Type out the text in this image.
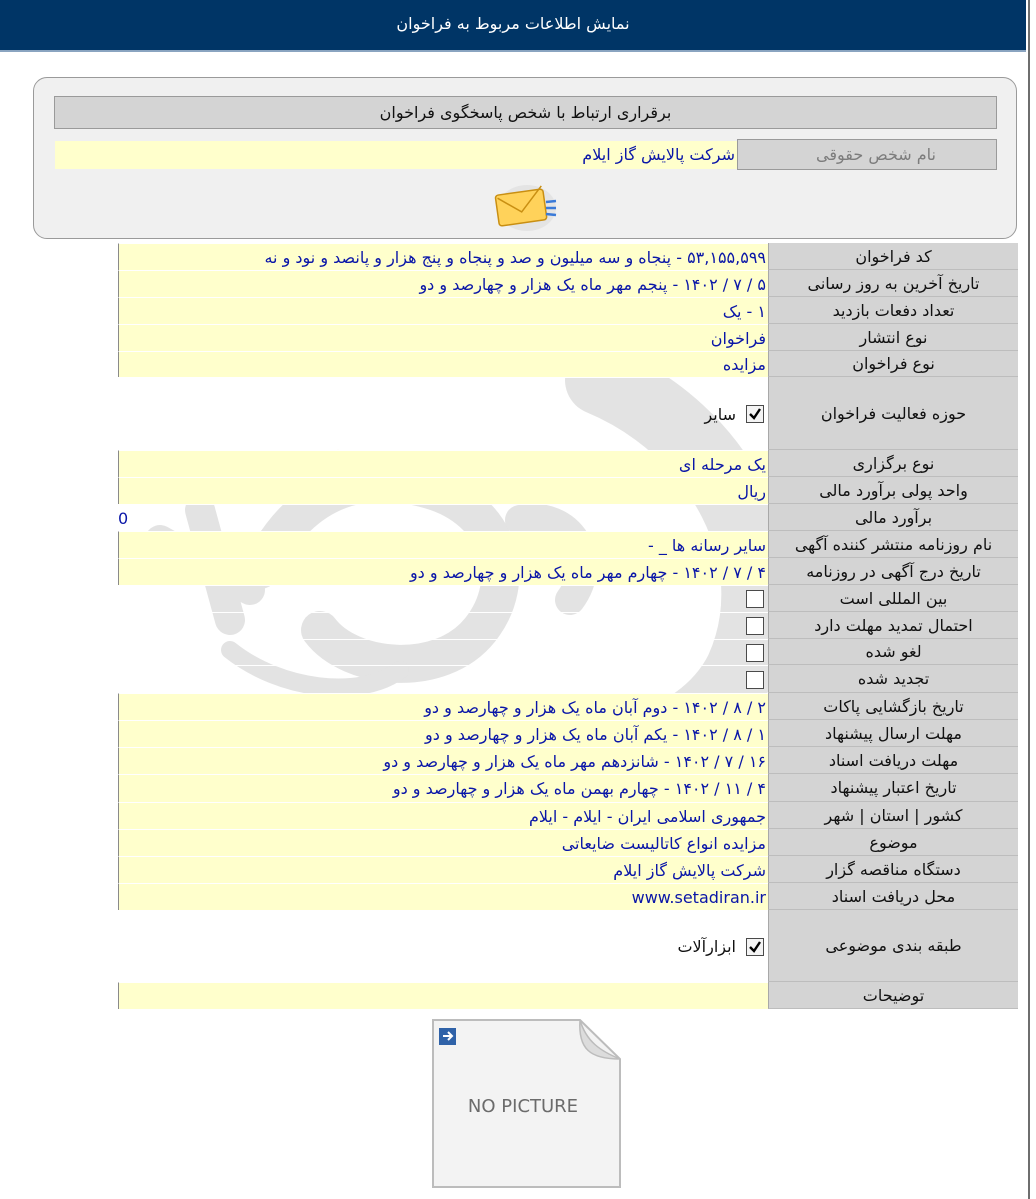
نمایش اطلاعات مربوط به فراخوان
برقراری ارتباط با شخص پاسخگوی فراخوان
نام شخص حقوقی
شرکت پالایش گاز ایلام
کد فراخوان
۵۳,۱۵۵,۵۹۹ - پنجاه و سه میلیون و صد و پنجاه و پنج هزار و پانصد و نود و نه
تاریخ آخرین به روز رسانی
۵ / ۷ / ۱۴۰۲ - پنجم مهر ماه یک هزار و چهارصد و دو
تعداد دفعات بازدید
۱ - یک
نوع انتشار
فراخوان
نوع فراخوان
مزایده
حوزه فعالیت فراخوان
سایر
نوع برگزاری
یک مرحله ای
واحد پولی برآورد مالی
ریال
برآورد مالی
0
نام روزنامه منتشر کننده آگهی
سایر رسانه ها _ -
تاریخ درج آگهی در روزنامه
۴ / ۷ / ۱۴۰۲ - چهارم مهر ماه یک هزار و چهارصد و دو
بین المللی است
احتمال تمدید مهلت دارد
لغو شده
تجدید شده
تاریخ بازگشایی پاکات
۲ / ۸ / ۱۴۰۲ - دوم آبان ماه یک هزار و چهارصد و دو
مهلت ارسال پیشنهاد
۱ / ۸ / ۱۴۰۲ - یکم آبان ماه یک هزار و چهارصد و دو
مهلت دریافت اسناد
۱۶ / ۷ / ۱۴۰۲ - شانزدهم مهر ماه یک هزار و چهارصد و دو
تاریخ اعتبار پیشنهاد
۴ / ۱۱ / ۱۴۰۲ - چهارم بهمن ماه یک هزار و چهارصد و دو
کشور | استان | شهر
جمهوری اسلامی ایران - ایلام - ایلام
موضوع
مزایده انواع کاتالیست ضایعاتی
دستگاه مناقصه گزار
شرکت پالایش گاز ایلام
محل دریافت اسناد
www.setadiran.ir
طبقه بندی موضوعی
ابزارآلات
توضیحات
NO PICTURE
